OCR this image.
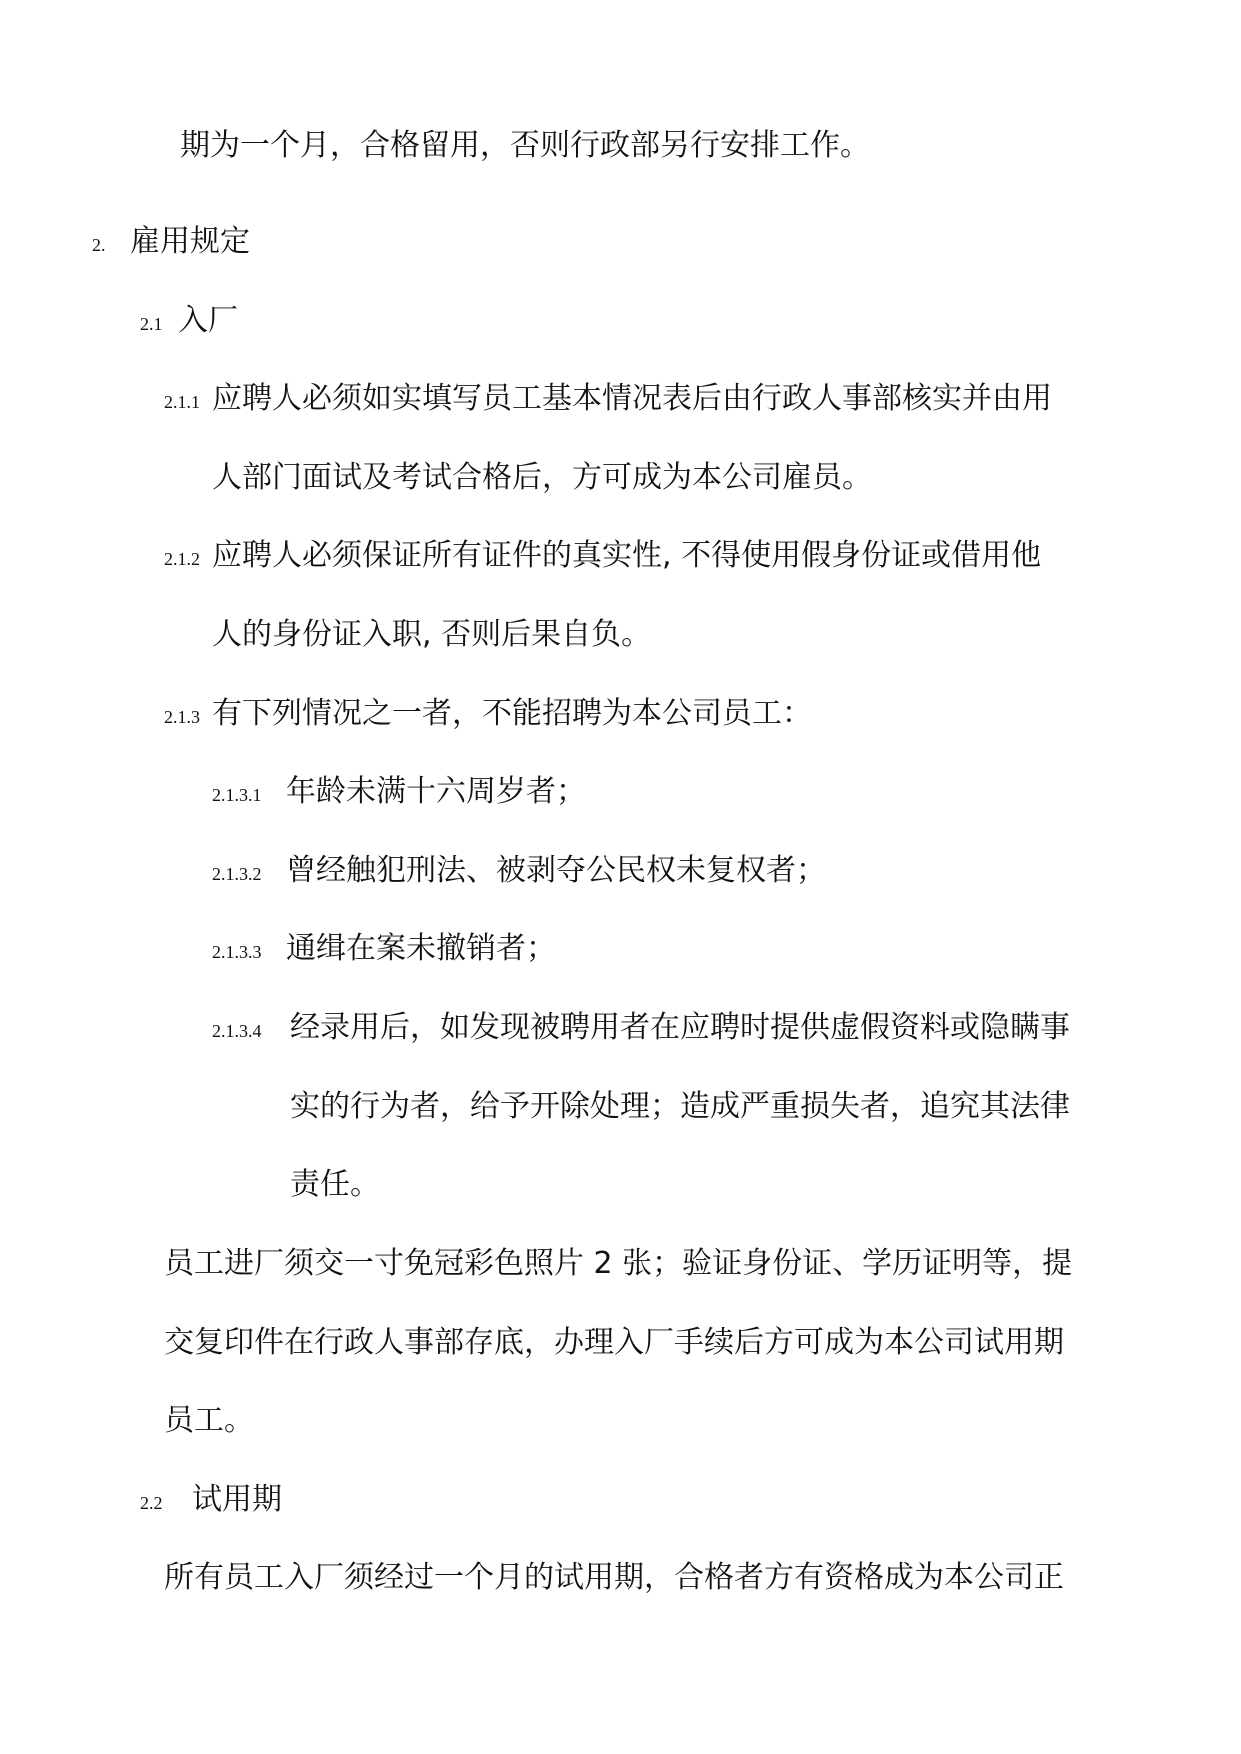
期为一个月，合格留用，否则行政部另行安排工作。
2. 雇用规定
2.1 入厂
2.1.1 应聘人必须如实填写员工基本情况表后由行政人事部核实并由用
人部门面试及考试合格后，方可成为本公司雇员。
2.1.2 应聘人必须保证所有证件的真实性, 不得使用假身份证或借用他
人的身份证入职, 否则后果自负。
2.1.3 有下列情况之一者，不能招聘为本公司员工：
2.1.3.1 年龄未满十六周岁者；
2.1.3.2 曾经触犯刑法、被剥夺公民权未复权者；
2.1.3.3 通缉在案未撤销者；
2.1.3.4 经录用后，如发现被聘用者在应聘时提供虚假资料或隐瞒事
实的行为者，给予开除处理；造成严重损失者，追究其法律
责任。
员工进厂须交一寸免冠彩色照片 2 张；验证身份证、学历证明等，提
交复印件在行政人事部存底，办理入厂手续后方可成为本公司试用期
员工。
2.2 试用期
所有员工入厂须经过一个月的试用期，合格者方有资格成为本公司正
